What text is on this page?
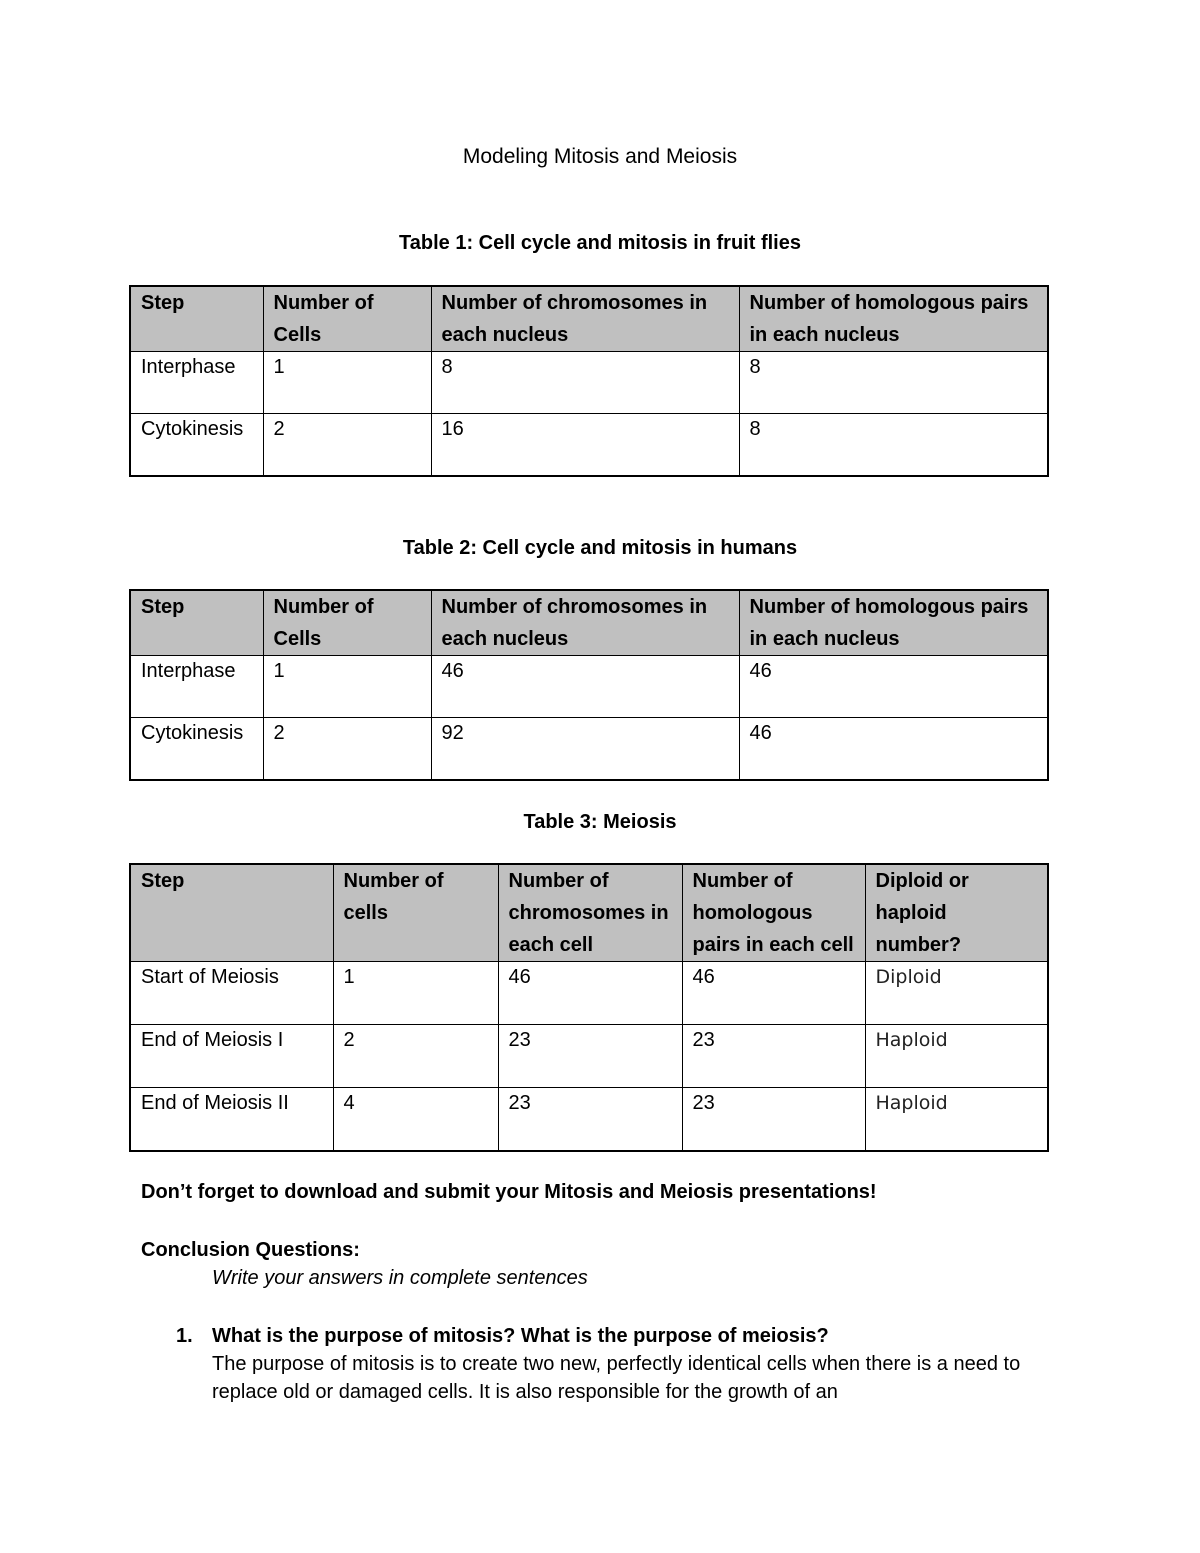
Modeling Mitosis and Meiosis
Table 1: Cell cycle and mitosis in fruit flies
Step	Number of Cells	Number of chromosomes in each nucleus	Number of homologous pairs in each nucleus
Interphase	1	8	8
Cytokinesis	2	16	8
Table 2: Cell cycle and mitosis in humans
Step	Number of Cells	Number of chromosomes in each nucleus	Number of homologous pairs in each nucleus
Interphase	1	46	46
Cytokinesis	2	92	46
Table 3: Meiosis
Step	Number of cells	Number of chromosomes in each cell	Number of homologous pairs in each cell	Diploid or haploid number?
Start of Meiosis	1	46	46	Diploid
End of Meiosis I	2	23	23	Haploid
End of Meiosis II	4	23	23	Haploid
Don’t forget to download and submit your Mitosis and Meiosis presentations!
Conclusion Questions:
Write your answers in complete sentences
1. What is the purpose of mitosis? What is the purpose of meiosis?
The purpose of mitosis is to create two new, perfectly identical cells when there is a need to replace old or damaged cells. It is also responsible for the growth of an
